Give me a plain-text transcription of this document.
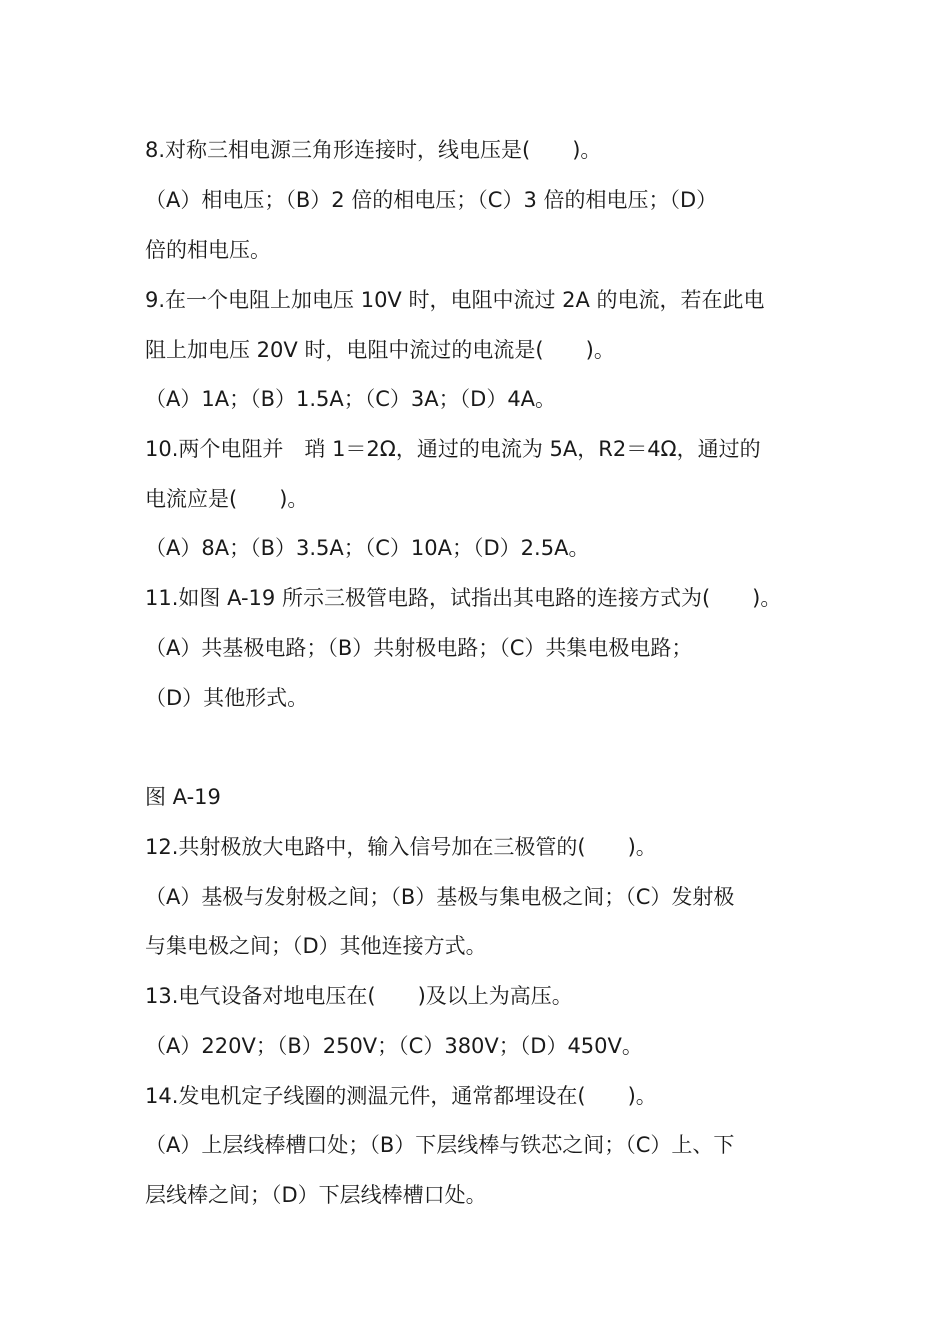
8.对称三相电源三角形连接时，线电压是(　　)。
（A）相电压；（B）2 倍的相电压；（C）3 倍的相电压；（D）
倍的相电压。
9.在一个电阻上加电压 10V 时，电阻中流过 2A 的电流，若在此电
阻上加电压 20V 时，电阻中流过的电流是(　　)。
（A）1A；（B）1.5A；（C）3A；（D）4A。
10.两个电阻并　琑 1＝2Ω，通过的电流为 5A，R2＝4Ω，通过的
电流应是(　　)。
（A）8A；（B）3.5A；（C）10A；（D）2.5A。
11.如图 A-19 所示三极管电路，试指出其电路的连接方式为(　　)。
（A）共基极电路；（B）共射极电路；（C）共集电极电路；
（D）其他形式。
图 A-19
12.共射极放大电路中，输入信号加在三极管的(　　)。
（A）基极与发射极之间；（B）基极与集电极之间；（C）发射极
与集电极之间；（D）其他连接方式。
13.电气设备对地电压在(　　)及以上为高压。
（A）220V；（B）250V；（C）380V；（D）450V。
14.发电机定子线圈的测温元件，通常都埋设在(　　)。
（A）上层线棒槽口处；（B）下层线棒与铁芯之间；（C）上、下
层线棒之间；（D）下层线棒槽口处。
